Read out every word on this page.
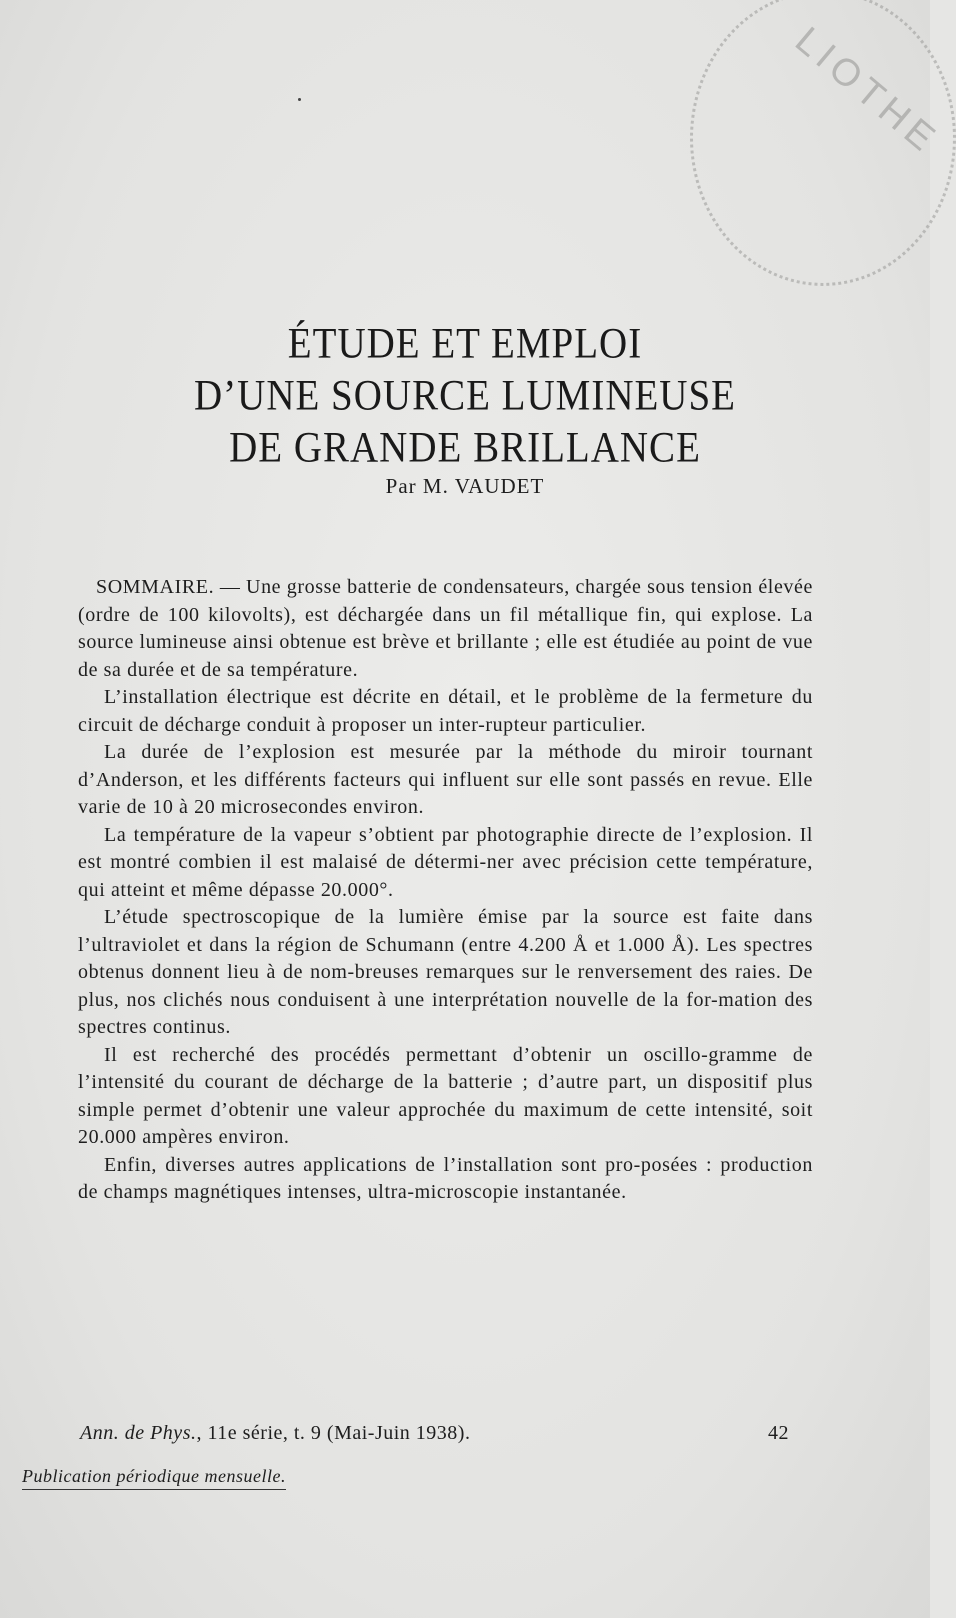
LIOTHE
ÉTUDE ET EMPLOI
D’UNE SOURCE LUMINEUSE
DE GRANDE BRILLANCE
Par M. VAUDET

SOMMAIRE. — Une grosse batterie de condensateurs, chargée sous tension élevée (ordre de 100 kilovolts), est déchargée dans un fil métallique fin, qui explose. La source lumineuse ainsi obtenue est brève et brillante ; elle est étudiée au point de vue de sa durée et de sa température.

L’installation électrique est décrite en détail, et le problème de la fermeture du circuit de décharge conduit à proposer un inter-rupteur particulier.

La durée de l’explosion est mesurée par la méthode du miroir tournant d’Anderson, et les différents facteurs qui influent sur elle sont passés en revue. Elle varie de 10 à 20 microsecondes environ.

La température de la vapeur s’obtient par photographie directe de l’explosion. Il est montré combien il est malaisé de détermi-ner avec précision cette température, qui atteint et même dépasse 20.000°.

L’étude spectroscopique de la lumière émise par la source est faite dans l’ultraviolet et dans la région de Schumann (entre 4.200 Å et 1.000 Å). Les spectres obtenus donnent lieu à de nom-breuses remarques sur le renversement des raies. De plus, nos clichés nous conduisent à une interprétation nouvelle de la for-mation des spectres continus.

Il est recherché des procédés permettant d’obtenir un oscillo-gramme de l’intensité du courant de décharge de la batterie ; d’autre part, un dispositif plus simple permet d’obtenir une valeur approchée du maximum de cette intensité, soit 20.000 ampères environ.

Enfin, diverses autres applications de l’installation sont pro-posées : production de champs magnétiques intenses, ultra-microscopie instantanée.

Ann. de Phys., 11e série, t. 9 (Mai-Juin 1938).	42
Publication périodique mensuelle.
